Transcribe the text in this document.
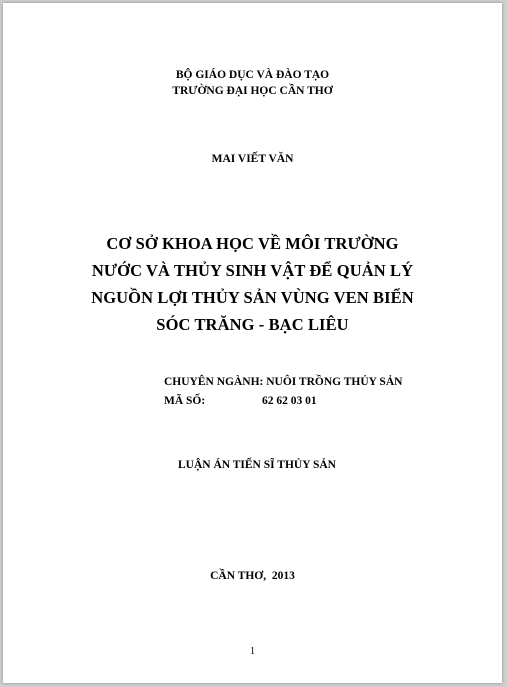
BỘ GIÁO DỤC VÀ ĐÀO TẠO
TRƯỜNG ĐẠI HỌC CẦN THƠ
MAI VIẾT VĂN
CƠ SỞ KHOA HỌC VỀ MÔI TRƯỜNG
NƯỚC VÀ THỦY SINH VẬT ĐỂ QUẢN LÝ
NGUỒN LỢI THỦY SẢN VÙNG VEN BIỂN
SÓC TRĂNG - BẠC LIÊU
CHUYÊN NGÀNH: NUÔI TRỒNG THỦY SẢN
MÃ SỐ:	62 62 03 01
LUẬN ÁN TIẾN SĨ THỦY SẢN
CẦN THƠ,  2013
1
